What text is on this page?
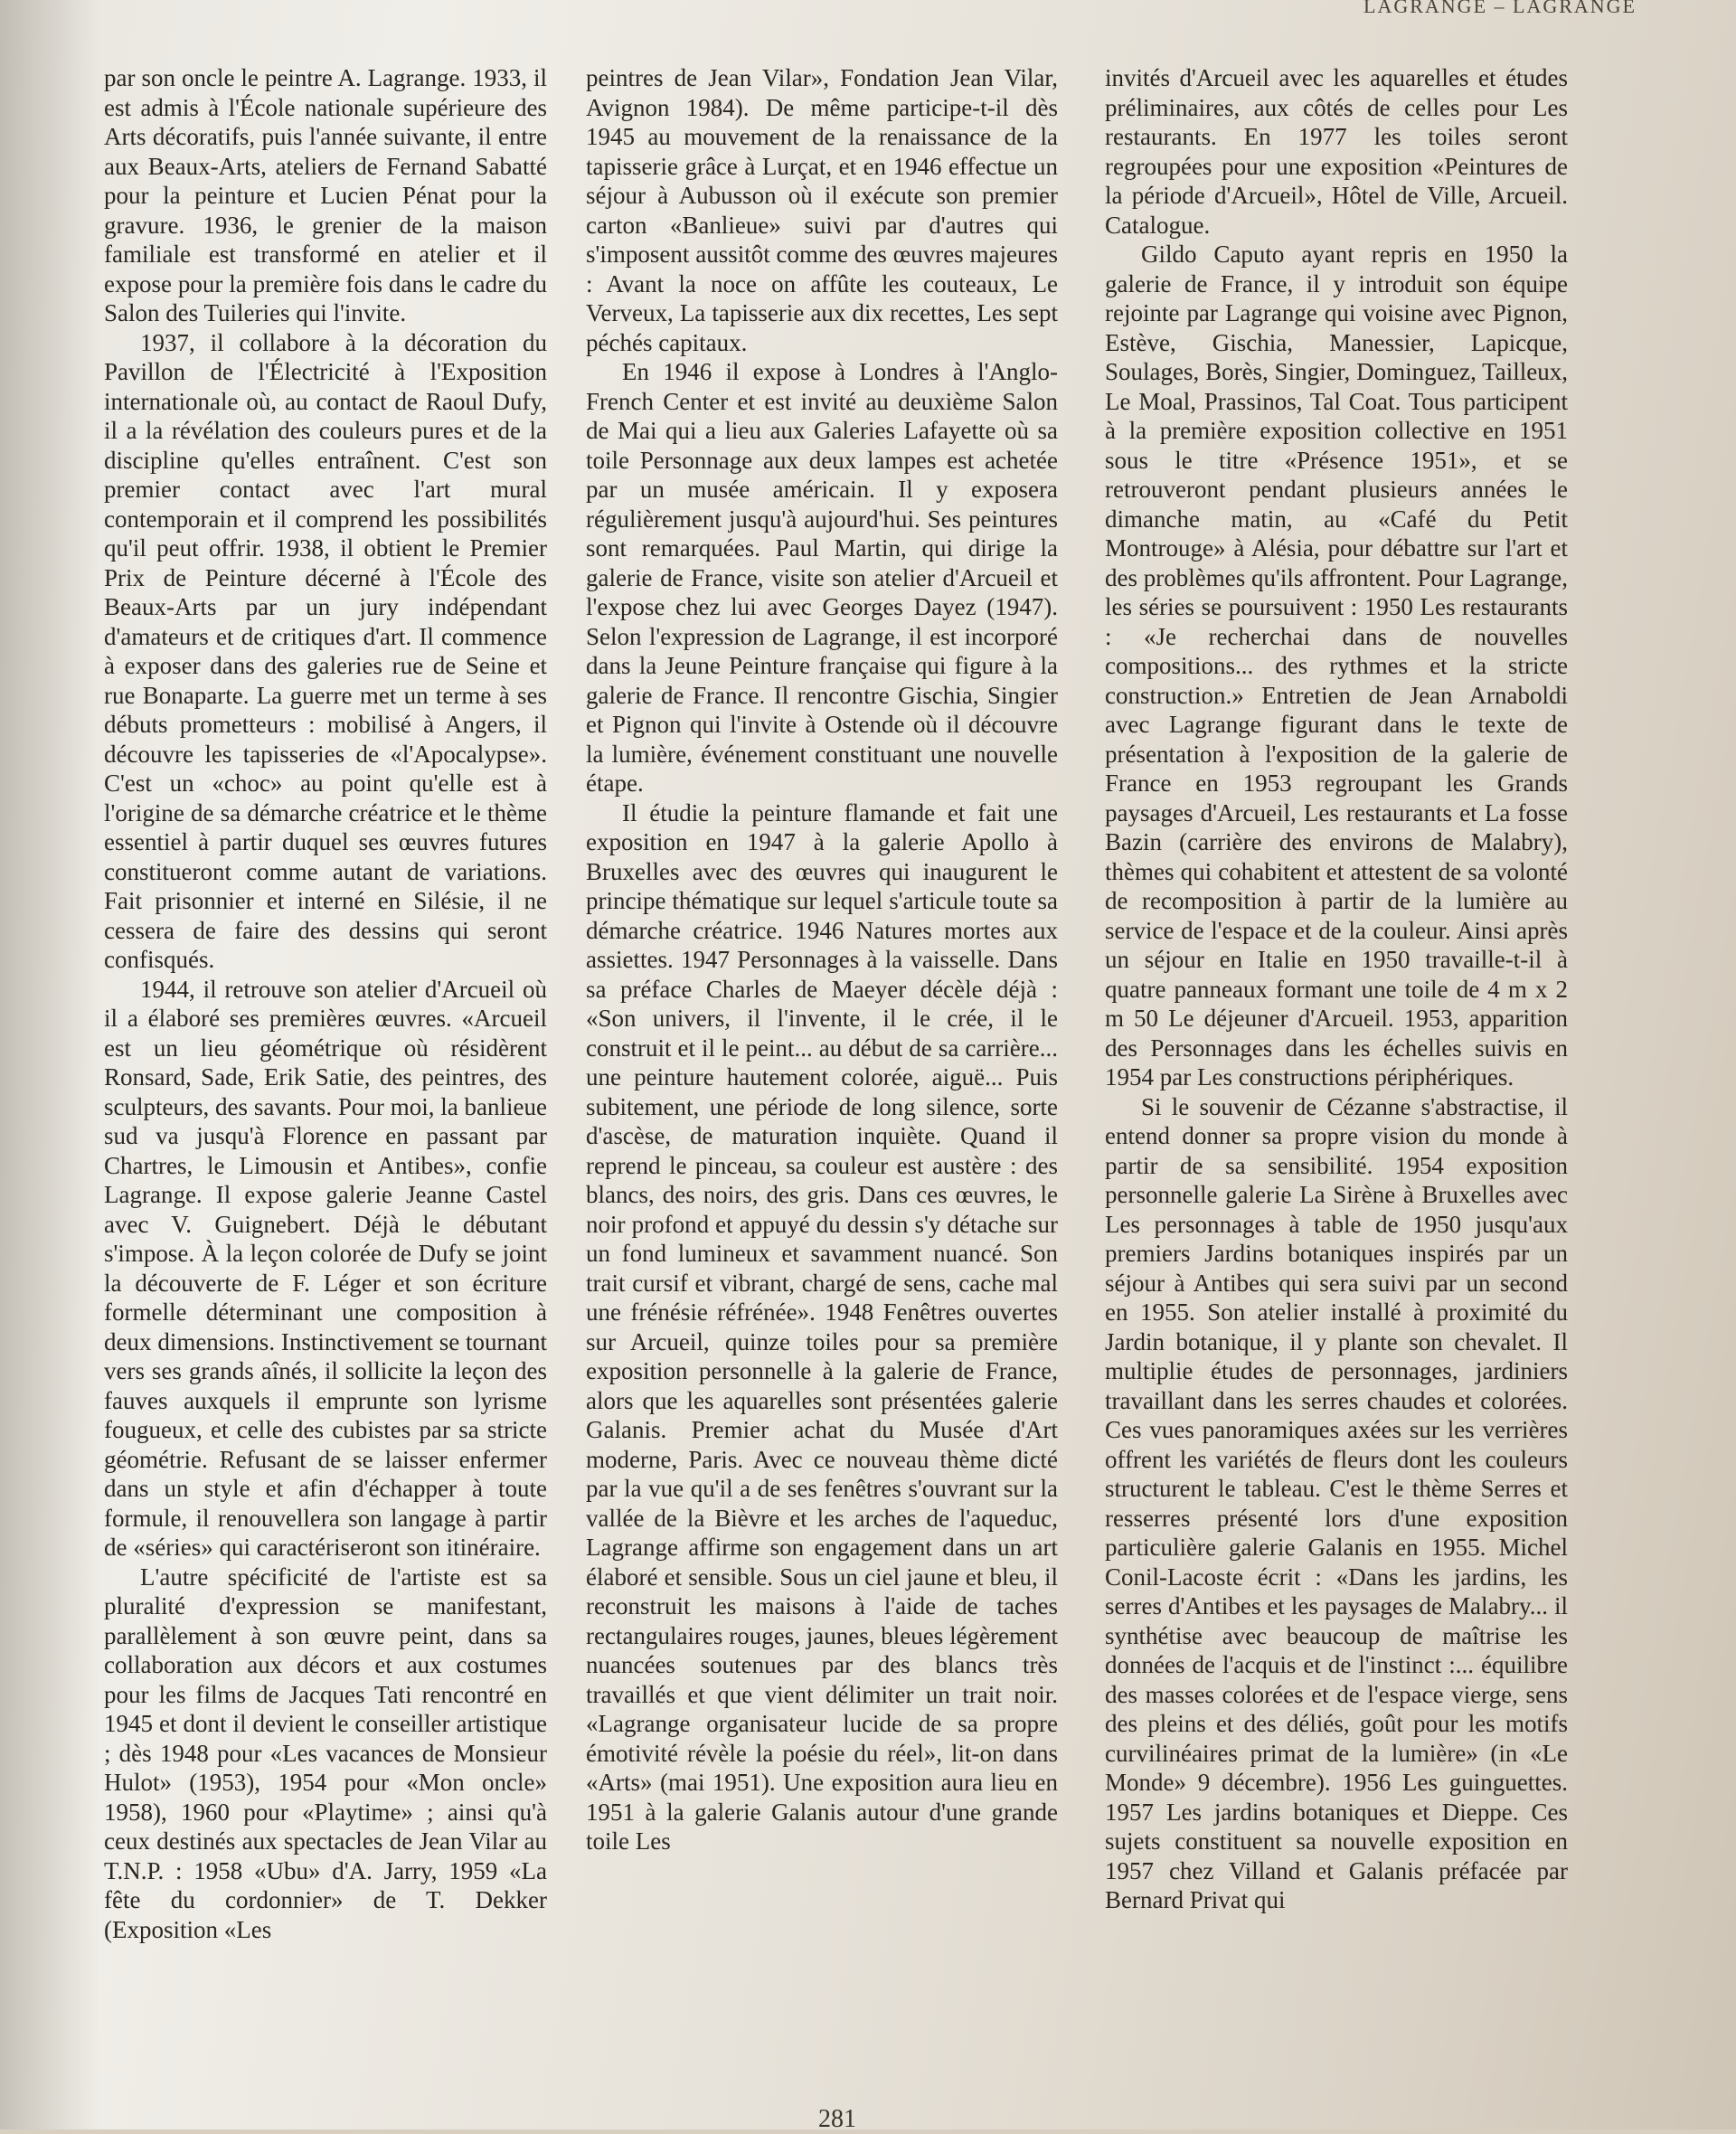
LAGRANGE – LAGRANGE

par son oncle le peintre A. Lagrange. 1933, il est admis à l'École nationale supérieure des Arts décoratifs, puis l'année suivante, il entre aux Beaux-Arts, ateliers de Fernand Sabatté pour la peinture et Lucien Pénat pour la gravure. 1936, le grenier de la maison familiale est transformé en atelier et il expose pour la première fois dans le cadre du Salon des Tuileries qui l'invite.

1937, il collabore à la décoration du Pavillon de l'Électricité à l'Exposition internationale où, au contact de Raoul Dufy, il a la révélation des couleurs pures et de la discipline qu'elles entraînent. C'est son premier contact avec l'art mural contemporain et il comprend les possibilités qu'il peut offrir. 1938, il obtient le Premier Prix de Peinture décerné à l'École des Beaux-Arts par un jury indépendant d'amateurs et de critiques d'art. Il commence à exposer dans des galeries rue de Seine et rue Bonaparte. La guerre met un terme à ses débuts prometteurs : mobilisé à Angers, il découvre les tapisseries de «l'Apocalypse». C'est un «choc» au point qu'elle est à l'origine de sa démarche créatrice et le thème essentiel à partir duquel ses œuvres futures constitueront comme autant de variations. Fait prisonnier et interné en Silésie, il ne cessera de faire des dessins qui seront confisqués.

1944, il retrouve son atelier d'Arcueil où il a élaboré ses premières œuvres. «Arcueil est un lieu géométrique où résidèrent Ronsard, Sade, Erik Satie, des peintres, des sculpteurs, des savants. Pour moi, la banlieue sud va jusqu'à Florence en passant par Chartres, le Limousin et Antibes», confie Lagrange. Il expose galerie Jeanne Castel avec V. Guignebert. Déjà le débutant s'impose. À la leçon colorée de Dufy se joint la découverte de F. Léger et son écriture formelle déterminant une composition à deux dimensions. Instinctivement se tournant vers ses grands aînés, il sollicite la leçon des fauves auxquels il emprunte son lyrisme fougueux, et celle des cubistes par sa stricte géométrie. Refusant de se laisser enfermer dans un style et afin d'échapper à toute formule, il renouvellera son langage à partir de «séries» qui caractériseront son itinéraire.

L'autre spécificité de l'artiste est sa pluralité d'expression se manifestant, parallèlement à son œuvre peint, dans sa collaboration aux décors et aux costumes pour les films de Jacques Tati rencontré en 1945 et dont il devient le conseiller artistique ; dès 1948 pour «Les vacances de Monsieur Hulot» (1953), 1954 pour «Mon oncle» 1958), 1960 pour «Playtime» ; ainsi qu'à ceux destinés aux spectacles de Jean Vilar au T.N.P. : 1958 «Ubu» d'A. Jarry, 1959 «La fête du cordonnier» de T. Dekker (Exposition «Les

peintres de Jean Vilar», Fondation Jean Vilar, Avignon 1984). De même participe-t-il dès 1945 au mouvement de la renaissance de la tapisserie grâce à Lurçat, et en 1946 effectue un séjour à Aubusson où il exécute son premier carton «Banlieue» suivi par d'autres qui s'imposent aussitôt comme des œuvres majeures : Avant la noce on affûte les couteaux, Le Verveux, La tapisserie aux dix recettes, Les sept péchés capitaux.

En 1946 il expose à Londres à l'Anglo-French Center et est invité au deuxième Salon de Mai qui a lieu aux Galeries Lafayette où sa toile Personnage aux deux lampes est achetée par un musée américain. Il y exposera régulièrement jusqu'à aujourd'hui. Ses peintures sont remarquées. Paul Martin, qui dirige la galerie de France, visite son atelier d'Arcueil et l'expose chez lui avec Georges Dayez (1947). Selon l'expression de Lagrange, il est incorporé dans la Jeune Peinture française qui figure à la galerie de France. Il rencontre Gischia, Singier et Pignon qui l'invite à Ostende où il découvre la lumière, événement constituant une nouvelle étape.

Il étudie la peinture flamande et fait une exposition en 1947 à la galerie Apollo à Bruxelles avec des œuvres qui inaugurent le principe thématique sur lequel s'articule toute sa démarche créatrice. 1946 Natures mortes aux assiettes. 1947 Personnages à la vaisselle. Dans sa préface Charles de Maeyer décèle déjà : «Son univers, il l'invente, il le crée, il le construit et il le peint... au début de sa carrière... une peinture hautement colorée, aiguë... Puis subitement, une période de long silence, sorte d'ascèse, de maturation inquiète. Quand il reprend le pinceau, sa couleur est austère : des blancs, des noirs, des gris. Dans ces œuvres, le noir profond et appuyé du dessin s'y détache sur un fond lumineux et savamment nuancé. Son trait cursif et vibrant, chargé de sens, cache mal une frénésie réfrénée». 1948 Fenêtres ouvertes sur Arcueil, quinze toiles pour sa première exposition personnelle à la galerie de France, alors que les aquarelles sont présentées galerie Galanis. Premier achat du Musée d'Art moderne, Paris. Avec ce nouveau thème dicté par la vue qu'il a de ses fenêtres s'ouvrant sur la vallée de la Bièvre et les arches de l'aqueduc, Lagrange affirme son engagement dans un art élaboré et sensible. Sous un ciel jaune et bleu, il reconstruit les maisons à l'aide de taches rectangulaires rouges, jaunes, bleues légèrement nuancées soutenues par des blancs très travaillés et que vient délimiter un trait noir. «Lagrange organisateur lucide de sa propre émotivité révèle la poésie du réel», lit-on dans «Arts» (mai 1951). Une exposition aura lieu en 1951 à la galerie Galanis autour d'une grande toile Les

invités d'Arcueil avec les aquarelles et études préliminaires, aux côtés de celles pour Les restaurants. En 1977 les toiles seront regroupées pour une exposition «Peintures de la période d'Arcueil», Hôtel de Ville, Arcueil. Catalogue.

Gildo Caputo ayant repris en 1950 la galerie de France, il y introduit son équipe rejointe par Lagrange qui voisine avec Pignon, Estève, Gischia, Manessier, Lapicque, Soulages, Borès, Singier, Dominguez, Tailleux, Le Moal, Prassinos, Tal Coat. Tous participent à la première exposition collective en 1951 sous le titre «Présence 1951», et se retrouveront pendant plusieurs années le dimanche matin, au «Café du Petit Montrouge» à Alésia, pour débattre sur l'art et des problèmes qu'ils affrontent. Pour Lagrange, les séries se poursuivent : 1950 Les restaurants : «Je recherchai dans de nouvelles compositions... des rythmes et la stricte construction.» Entretien de Jean Arnaboldi avec Lagrange figurant dans le texte de présentation à l'exposition de la galerie de France en 1953 regroupant les Grands paysages d'Arcueil, Les restaurants et La fosse Bazin (carrière des environs de Malabry), thèmes qui cohabitent et attestent de sa volonté de recomposition à partir de la lumière au service de l'espace et de la couleur. Ainsi après un séjour en Italie en 1950 travaille-t-il à quatre panneaux formant une toile de 4 m x 2 m 50 Le déjeuner d'Arcueil. 1953, apparition des Personnages dans les échelles suivis en 1954 par Les constructions périphériques.

Si le souvenir de Cézanne s'abstractise, il entend donner sa propre vision du monde à partir de sa sensibilité. 1954 exposition personnelle galerie La Sirène à Bruxelles avec Les personnages à table de 1950 jusqu'aux premiers Jardins botaniques inspirés par un séjour à Antibes qui sera suivi par un second en 1955. Son atelier installé à proximité du Jardin botanique, il y plante son chevalet. Il multiplie études de personnages, jardiniers travaillant dans les serres chaudes et colorées. Ces vues panoramiques axées sur les verrières offrent les variétés de fleurs dont les couleurs structurent le tableau. C'est le thème Serres et resserres présenté lors d'une exposition particulière galerie Galanis en 1955. Michel Conil-Lacoste écrit : «Dans les jardins, les serres d'Antibes et les paysages de Malabry... il synthétise avec beaucoup de maîtrise les données de l'acquis et de l'instinct :... équilibre des masses colorées et de l'espace vierge, sens des pleins et des déliés, goût pour les motifs curvilinéaires primat de la lumière» (in «Le Monde» 9 décembre). 1956 Les guinguettes. 1957 Les jardins botaniques et Dieppe. Ces sujets constituent sa nouvelle exposition en 1957 chez Villand et Galanis préfacée par Bernard Privat qui

281
